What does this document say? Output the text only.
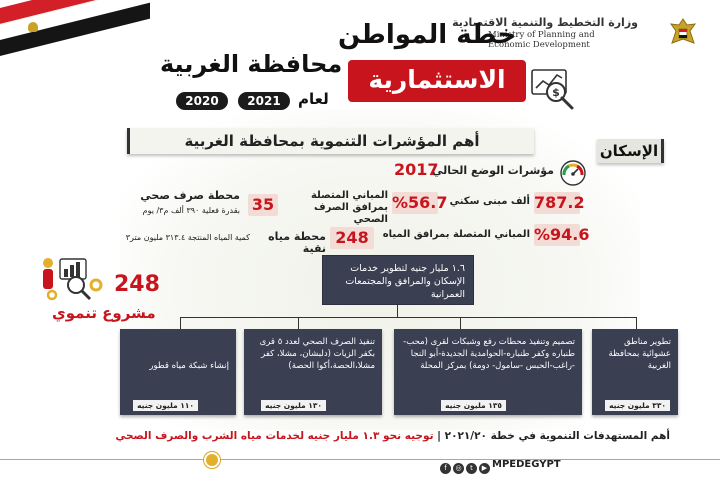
وزارة التخطيط والتنمية الاقتصادية
Ministry of Planning and Economic Development
خطة المواطن
الاستثمارية
محافظة الغربية
لعام
2021
2020
$
أهم المؤشرات التنموية بمحافظة الغربية
الإسكان
مؤشرات الوضع الحالي
2017
787.2
ألف مبنى سكني
%56.7
المباني المتصلة بمرافق الصرف الصحي
%94.6
المباني المتصلة بمرافق المياه
35
محطة صرف صحي
بقدرة فعلية ٣٩٠ ألف م٣/ يوم
248
محطة مياه نقية
كمية المياه المنتجة ٣١٣.٤ مليون متر٣
248
مشروع تنموي
١.٦ مليار جنيه لتطوير خدمات الإسكان والمرافق والمجتمعات العمرانية
تطوير مناطق عشوائية بمحافظة الغربية
٣٣٠ مليون جنيه
تصميم وتنفيذ محطات رفع وشبكات لقرى (محب- طنباره وكفر طنباره-الحوامدية الجديدة-أبو النجا -راغب-الحبس -سامول- دومة) بمركز المحلة
١٣٥ مليون جنيه
تنفيذ الصرف الصحي لعدد ٥ قرى بكفر الزيات (دلبشان، مشلا، كفر مشلا،الحصة،أكوا الحصة)
١٣٠ مليون جنيه
إنشاء شبكة مياه قطور
١١٠ مليون جنيه
أهم المستهدفات التنموية في خطة ٢٠٢١/٢٠ | توجيه نحو ١.٣ مليار جنيه لخدمات مياه الشرب والصرف الصحي
f ◎ t ▶ MPEDEGYPT
